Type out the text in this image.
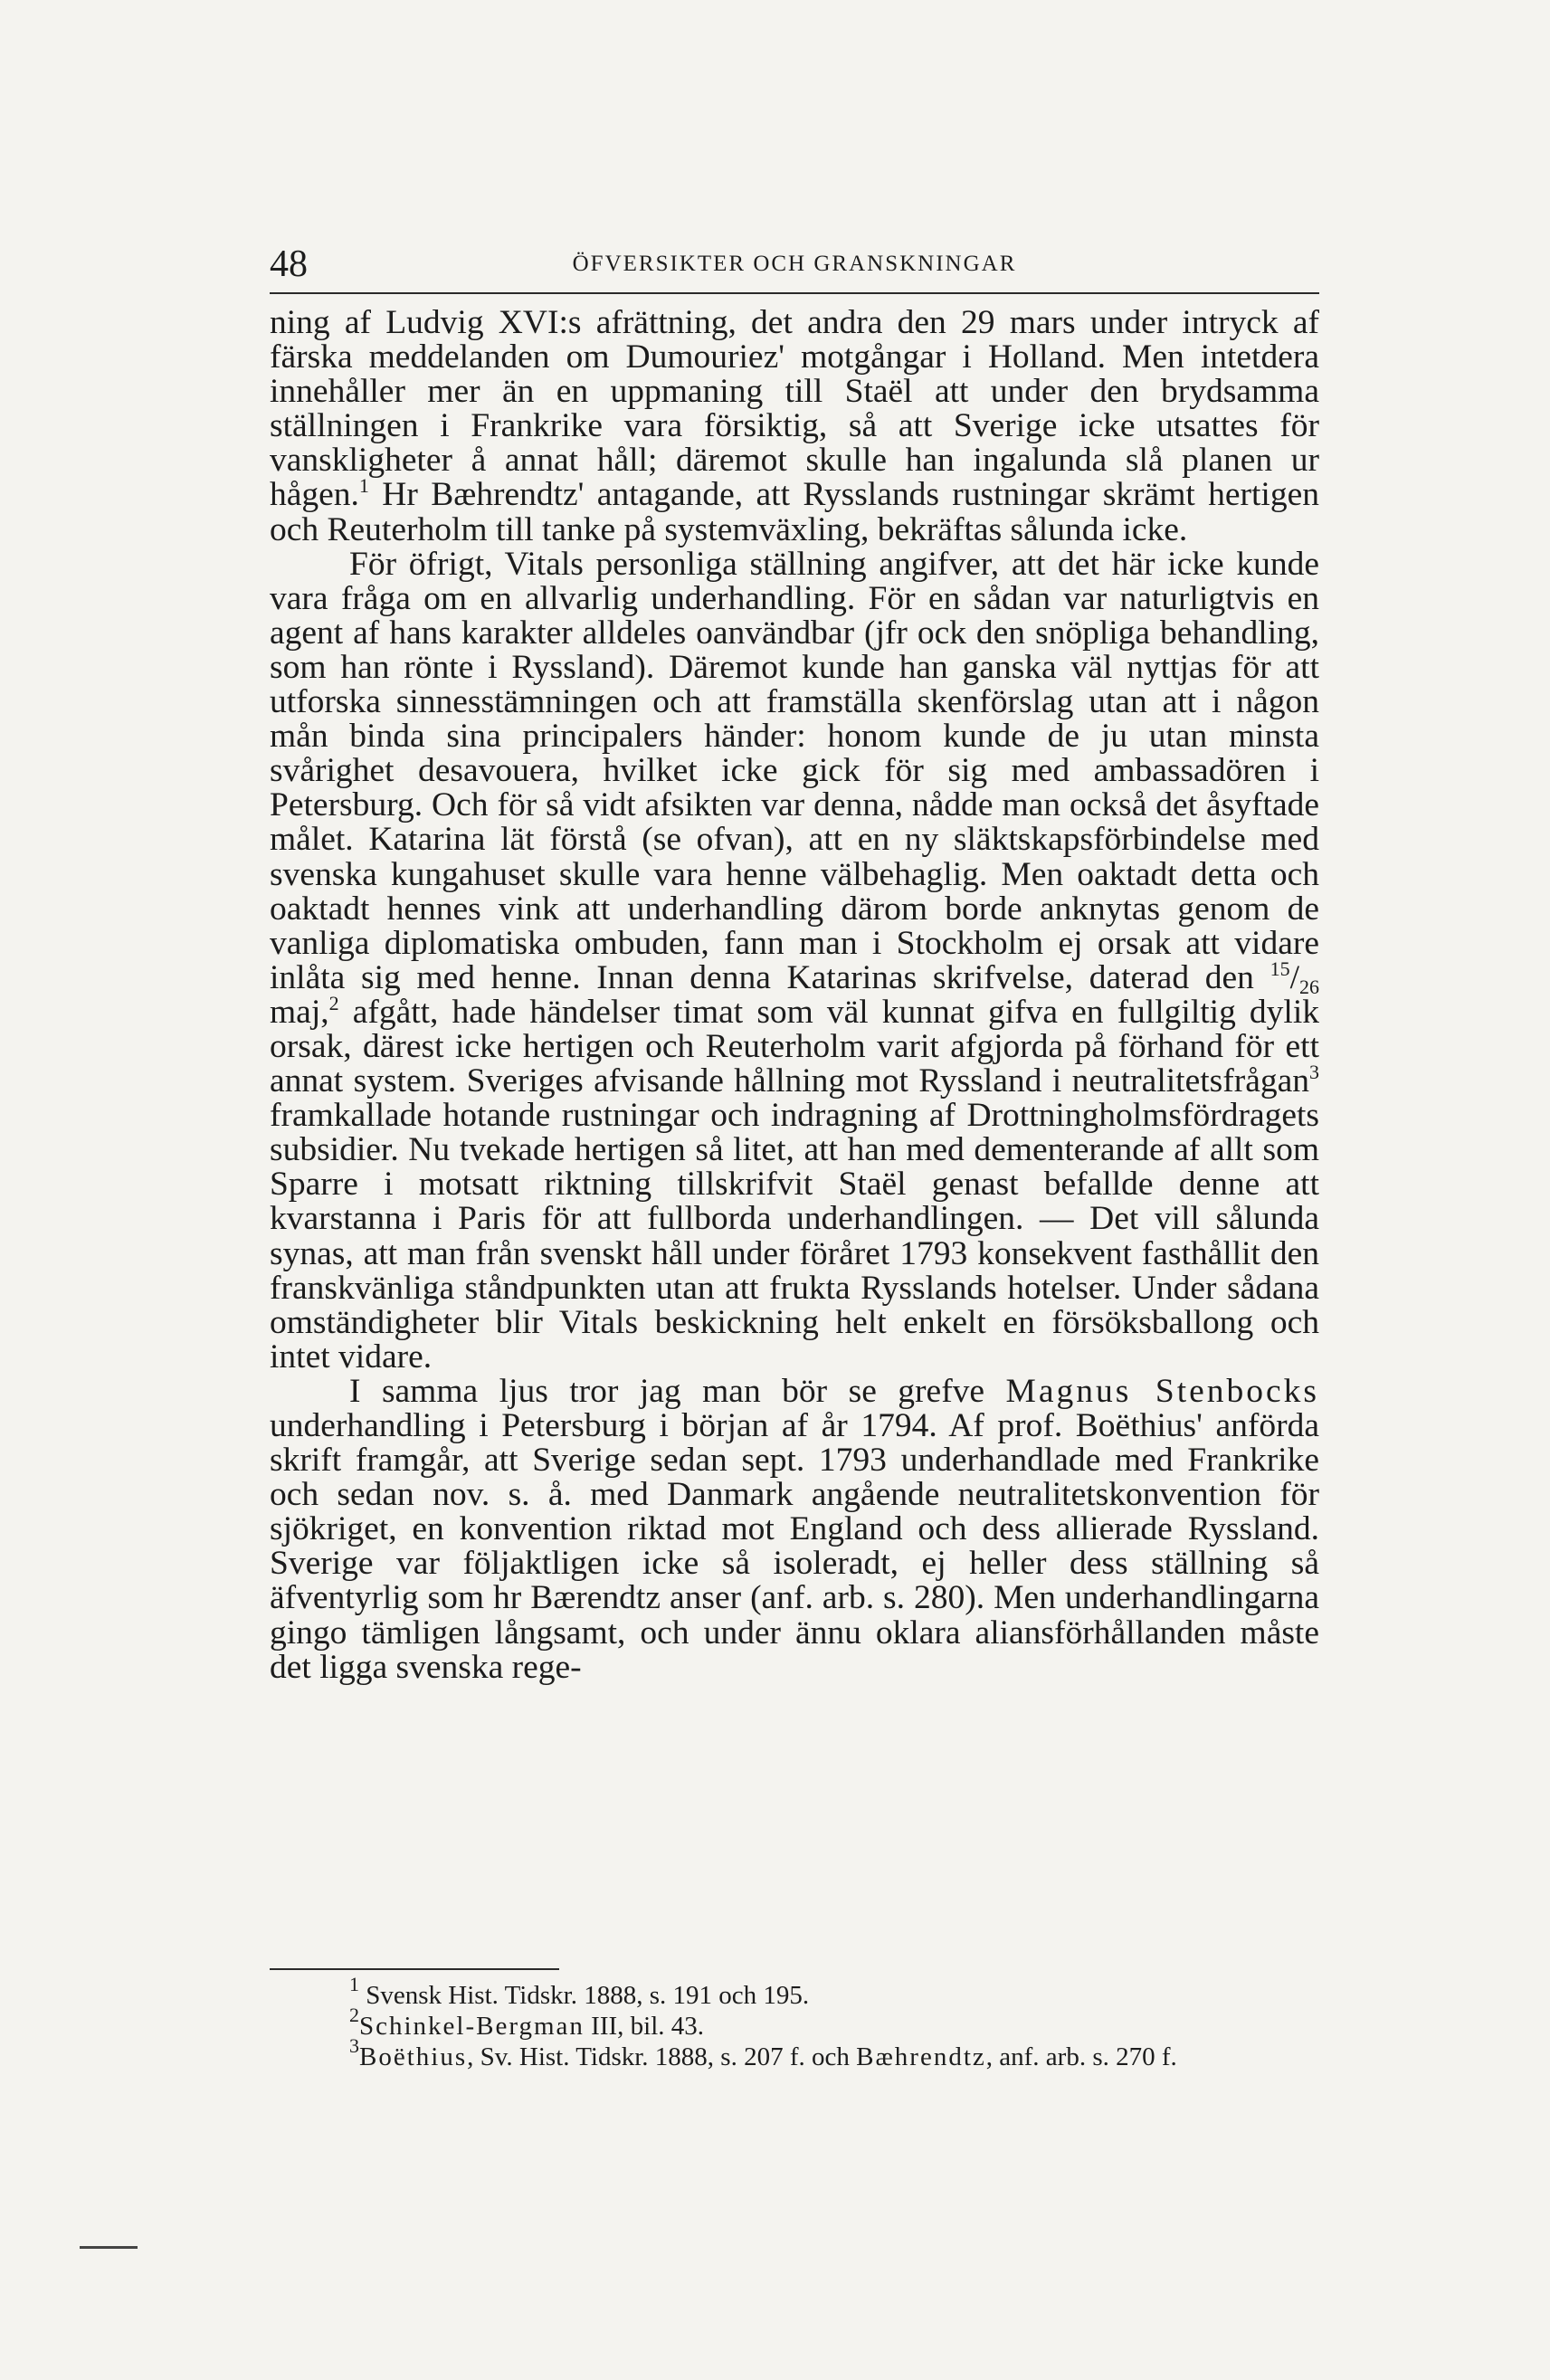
48	ÖFVERSIKTER OCH GRANSKNINGAR

ning af Ludvig XVI:s afrättning, det andra den 29 mars under intryck af färska meddelanden om Dumouriez' motgångar i Holland. Men intetdera innehåller mer än en uppmaning till Staël att under den brydsamma ställningen i Frankrike vara försiktig, så att Sverige icke utsattes för vanskligheter å annat håll; däremot skulle han ingalunda slå planen ur hågen.$^1$ Hr Bæhrendtz' antagande, att Rysslands rustningar skrämt hertigen och Reuterholm till tanke på systemväxling, bekräftas sålunda icke.

För öfrigt, Vitals personliga ställning angifver, att det här icke kunde vara fråga om en allvarlig underhandling. För en sådan var naturligtvis en agent af hans karakter alldeles oanvändbar (jfr ock den snöpliga behandling, som han rönte i Ryssland). Däremot kunde han ganska väl nyttjas för att utforska sinnesstämningen och att framställa skenförslag utan att i någon mån binda sina principalers händer: honom kunde de ju utan minsta svårighet desavouera, hvilket icke gick för sig med ambassadören i Petersburg. Och för så vidt afsikten var denna, nådde man också det åsyftade målet. Katarina lät förstå (se ofvan), att en ny släktskapsförbindelse med svenska kungahuset skulle vara henne välbehaglig. Men oaktadt detta och oaktadt hennes vink att underhandling därom borde anknytas genom de vanliga diplomatiska ombuden, fann man i Stockholm ej orsak att vidare inlåta sig med henne. Innan denna Katarinas skrifvelse, daterad den $^{15}/_{26}$ maj,$^2$ afgått, hade händelser timat som väl kunnat gifva en fullgiltig dylik orsak, därest icke hertigen och Reuterholm varit afgjorda på förhand för ett annat system. Sveriges afvisande hållning mot Ryssland i neutralitetsfrågan$^3$ framkallade hotande rustningar och indragning af Drottningholmsfördragets subsidier. Nu tvekade hertigen så litet, att han med dementerande af allt som Sparre i motsatt riktning tillskrifvit Staël genast befallde denne att kvarstanna i Paris för att fullborda underhandlingen. — Det vill sålunda synas, att man från svenskt håll under föråret 1793 konsekvent fasthållit den franskvänliga ståndpunkten utan att frukta Rysslands hotelser. Under sådana omständigheter blir Vitals beskickning helt enkelt en försöksballong och intet vidare.

I samma ljus tror jag man bör se grefve Magnus Stenbocks underhandling i Petersburg i början af år 1794. Af prof. Boëthius' anförda skrift framgår, att Sverige sedan sept. 1793 underhandlade med Frankrike och sedan nov. s. å. med Danmark angående neutralitetskonvention för sjökriget, en konvention riktad mot England och dess allierade Ryssland. Sverige var följaktligen icke så isoleradt, ej heller dess ställning så äfventyrlig som hr Bærendtz anser (anf. arb. s. 280). Men underhandlingarna gingo tämligen långsamt, och under ännu oklara aliansförhållanden måste det ligga svenska rege-

$^1$ Svensk Hist. Tidskr. 1888, s. 191 och 195.

$^2$Schinkel-Bergman III, bil. 43.

$^3$Boëthius, Sv. Hist. Tidskr. 1888, s. 207 f. och Bæhrendtz, anf. arb. s. 270 f.
